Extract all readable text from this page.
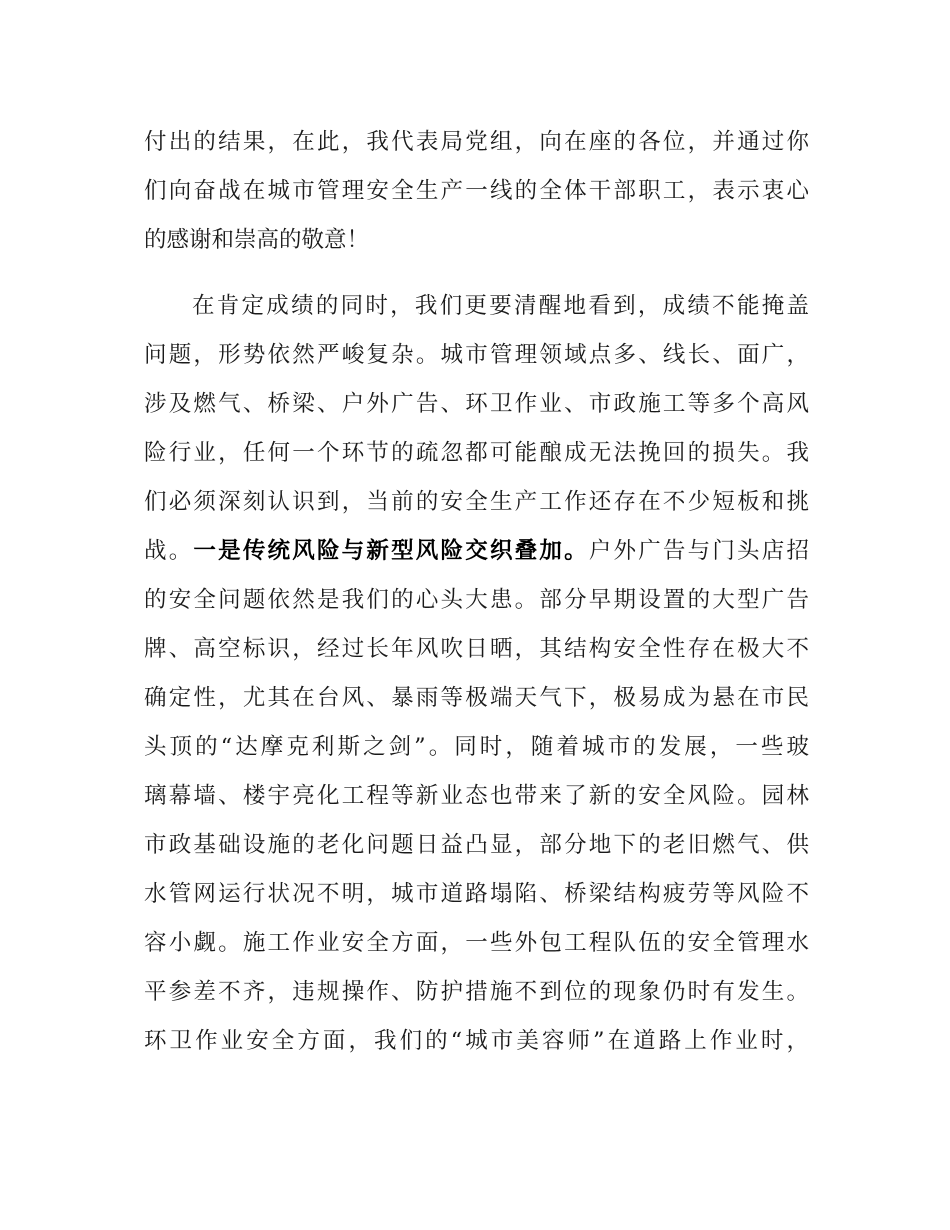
付出的结果，在此，我代表局党组，向在座的各位，并通过你
们向奋战在城市管理安全生产一线的全体干部职工，表示衷心
的感谢和崇高的敬意！
在肯定成绩的同时，我们更要清醒地看到，成绩不能掩盖
问题，形势依然严峻复杂。城市管理领域点多、线长、面广，
涉及燃气、桥梁、户外广告、环卫作业、市政施工等多个高风
险行业，任何一个环节的疏忽都可能酿成无法挽回的损失。我
们必须深刻认识到，当前的安全生产工作还存在不少短板和挑
战。一是传统风险与新型风险交织叠加。户外广告与门头店招
的安全问题依然是我们的心头大患。部分早期设置的大型广告
牌、高空标识，经过长年风吹日晒，其结构安全性存在极大不
确定性，尤其在台风、暴雨等极端天气下，极易成为悬在市民
头顶的“达摩克利斯之剑”。同时，随着城市的发展，一些玻
璃幕墙、楼宇亮化工程等新业态也带来了新的安全风险。园林
市政基础设施的老化问题日益凸显，部分地下的老旧燃气、供
水管网运行状况不明，城市道路塌陷、桥梁结构疲劳等风险不
容小觑。施工作业安全方面，一些外包工程队伍的安全管理水
平参差不齐，违规操作、防护措施不到位的现象仍时有发生。
环卫作业安全方面，我们的“城市美容师”在道路上作业时，
